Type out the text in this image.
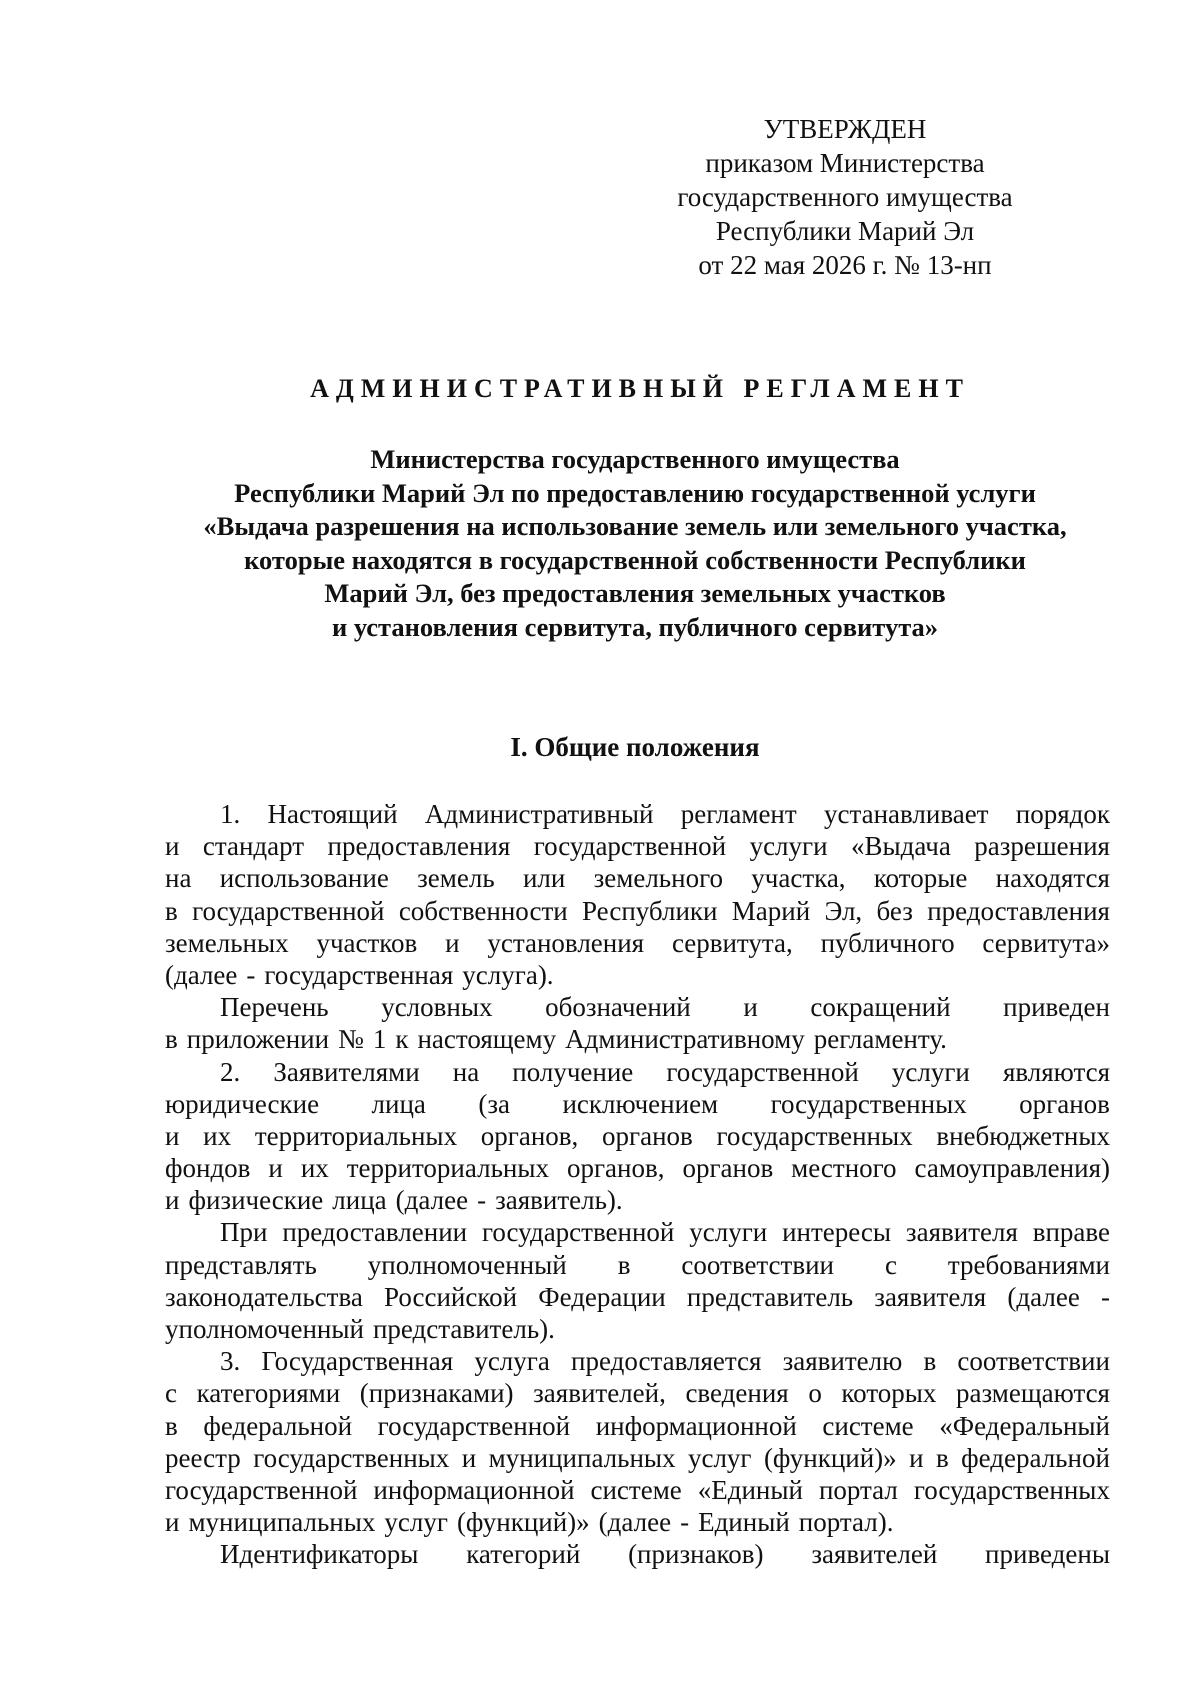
УТВЕРЖДЕН
приказом Министерства
государственного имущества
Республики Марий Эл
от 22 мая 2026 г. № 13-нп
АДМИНИСТРАТИВНЫЙ РЕГЛАМЕНТ
Министерства государственного имущества
Республики Марий Эл по предоставлению государственной услуги
«Выдача разрешения на использование земель или земельного участка,
которые находятся в государственной собственности Республики
Марий Эл, без предоставления земельных участков
и установления сервитута, публичного сервитута»
I. Общие положения
1. Настоящий Административный регламент устанавливает порядок
и стандарт предоставления государственной услуги «Выдача разрешения
на использование земель или земельного участка, которые находятся
в государственной собственности Республики Марий Эл, без предоставления
земельных участков и установления сервитута, публичного сервитута»
(далее - государственная услуга).
Перечень условных обозначений и сокращений приведен
в приложении № 1 к настоящему Административному регламенту.
2. Заявителями на получение государственной услуги являются
юридические лица (за исключением государственных органов
и их территориальных органов, органов государственных внебюджетных
фондов и их территориальных органов, органов местного самоуправления)
и физические лица (далее - заявитель).
При предоставлении государственной услуги интересы заявителя вправе
представлять уполномоченный в соответствии с требованиями
законодательства Российской Федерации представитель заявителя (далее -
уполномоченный представитель).
3. Государственная услуга предоставляется заявителю в соответствии
с категориями (признаками) заявителей, сведения о которых размещаются
в федеральной государственной информационной системе «Федеральный
реестр государственных и муниципальных услуг (функций)» и в федеральной
государственной информационной системе «Единый портал государственных
и муниципальных услуг (функций)» (далее - Единый портал).
Идентификаторы категорий (признаков) заявителей приведены
